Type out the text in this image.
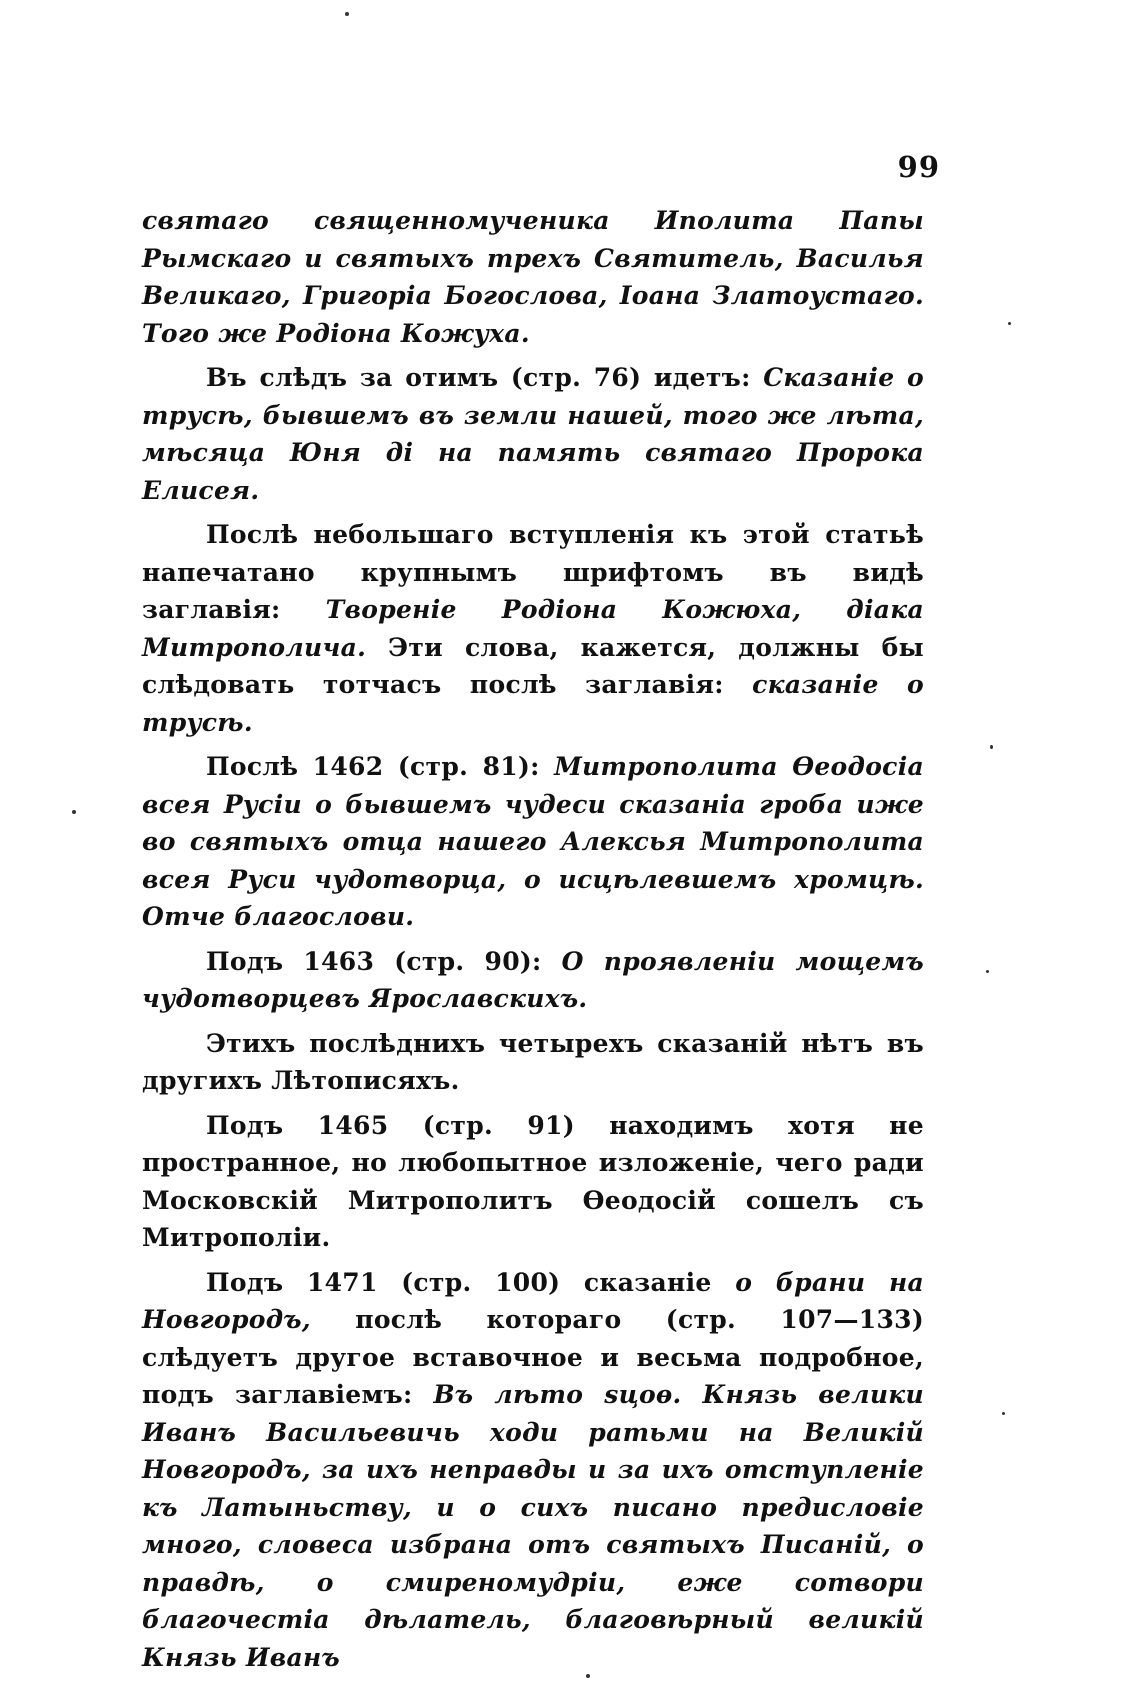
99

святаго священномученика Иполита Папы Рымскаго и святыхъ трехъ Святитель, Василья Великаго, Григоріа Богослова, Іоана Златоустаго. Того же Родіона Кожуха.

Въ слѣдъ за отимъ (стр. 76) идетъ: Сказаніе о трусѣ, бывшемъ въ земли нашей, того же лѣта, мѣсяца Юня ді на память святаго Пророка Елисея.

Послѣ небольшаго вступленія къ этой статьѣ напечатано крупнымъ шрифтомъ въ видѣ заглавія: Твореніе Родіона Кожюха, діака Митрополича. Эти слова, кажется, должны бы слѣдовать тотчасъ послѣ заглавія: сказаніе о трусѣ.

Послѣ 1462 (стр. 81): Митрополита Ѳеодосіа всея Русіи о бывшемъ чудеси сказаніа гроба иже во святыхъ отца нашего Алексья Митрополита всея Руси чудотворца, о исцѣлевшемъ хромцѣ. Отче благослови.

Подъ 1463 (стр. 90): О проявленіи мощемъ чудотворцевъ Ярославскихъ.

Этихъ послѣднихъ четырехъ сказаній нѣтъ въ другихъ Лѣтописяхъ.

Подъ 1465 (стр. 91) находимъ хотя не пространное, но любопытное изложеніе, чего ради Московскій Митрополитъ Ѳеодосій сошелъ съ Митрополіи.

Подъ 1471 (стр. 100) сказаніе о брани на Новгородъ, послѣ котораго (стр. 107—133) слѣдуетъ другое вставочное и весьма подробное, подъ заглавіемъ: Въ лѣто ѕцоѳ. Князь велики Иванъ Васильевичь ходи ратьми на Великій Новгородъ, за ихъ неправды и за ихъ отступленіе къ Латыньству, и о сихъ писано предисловіе много, словеса избрана отъ святыхъ Писаній, о правдѣ, о смиреномудріи, еже сотвори благочестіа дѣлатель, благовѣрный великій Князь Иванъ
